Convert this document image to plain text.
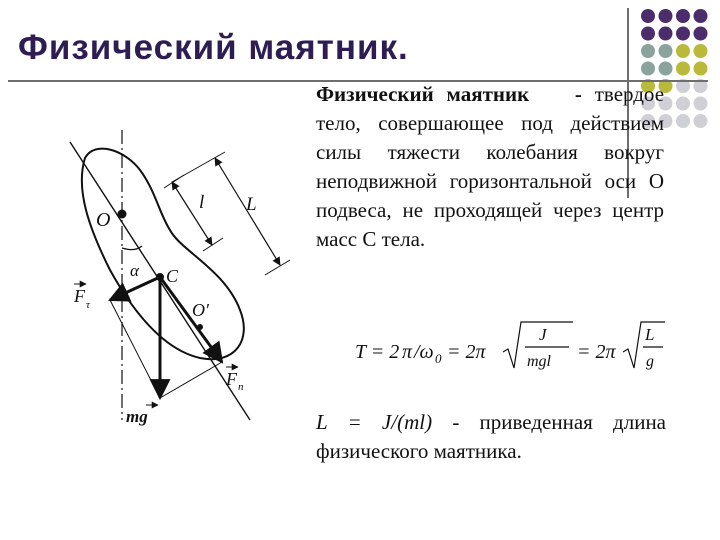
Физический маятник.
Физический маятник - твердое тело, совершающее под действием силы тяжести колебания вокруг неподвижной горизонтальной оси О подвеса, не проходящей через центр масс С тела.
T = 2 π /ω 0 = 2π
J
mgl = 2π
L
g
L = J/(ml) - приведенная длина физического маятника.
O
C
O′
α
l L
F τ
F n
mg
